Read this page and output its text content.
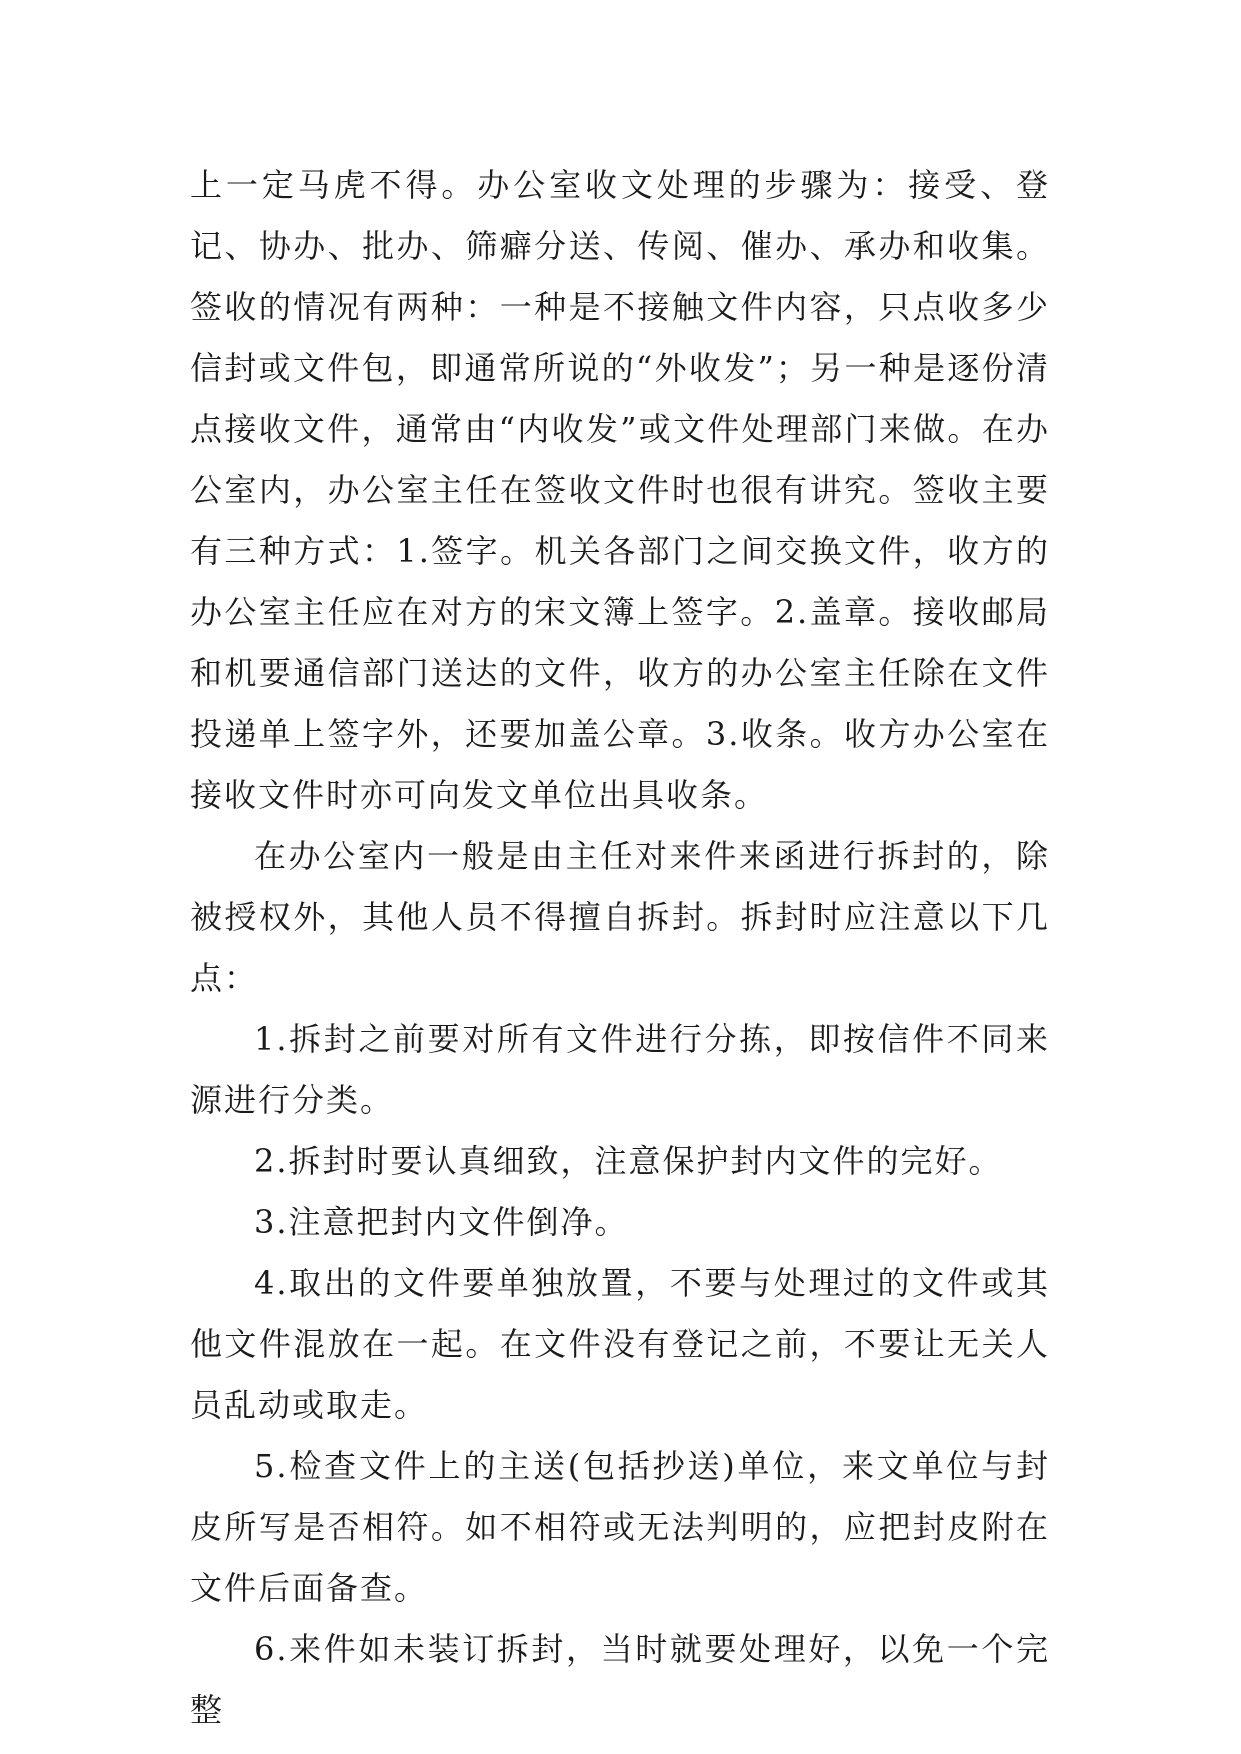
上一定马虎不得。办公室收文处理的步骤为：接受、登记、协办、批办、筛癖分送、传阅、催办、承办和收集。签收的情况有两种：一种是不接触文件内容，只点收多少信封或文件包，即通常所说的“外收发”；另一种是逐份清点接收文件，通常由“内收发”或文件处理部门来做。在办公室内，办公室主任在签收文件时也很有讲究。签收主要有三种方式：1.签字。机关各部门之间交换文件，收方的办公室主任应在对方的宋文簿上签字。2.盖章。接收邮局和机要通信部门送达的文件，收方的办公室主任除在文件投递单上签字外，还要加盖公章。3.收条。收方办公室在接收文件时亦可向发文单位出具收条。

在办公室内一般是由主任对来件来函进行拆封的，除被授权外，其他人员不得擅自拆封。拆封时应注意以下几点：

1.拆封之前要对所有文件进行分拣，即按信件不同来源进行分类。

2.拆封时要认真细致，注意保护封内文件的完好。

3.注意把封内文件倒净。

4.取出的文件要单独放置，不要与处理过的文件或其他文件混放在一起。在文件没有登记之前，不要让无关人员乱动或取走。

5.检查文件上的主送(包括抄送)单位，来文单位与封皮所写是否相符。如不相符或无法判明的，应把封皮附在文件后面备查。

6.来件如未装订拆封，当时就要处理好，以免一个完整
